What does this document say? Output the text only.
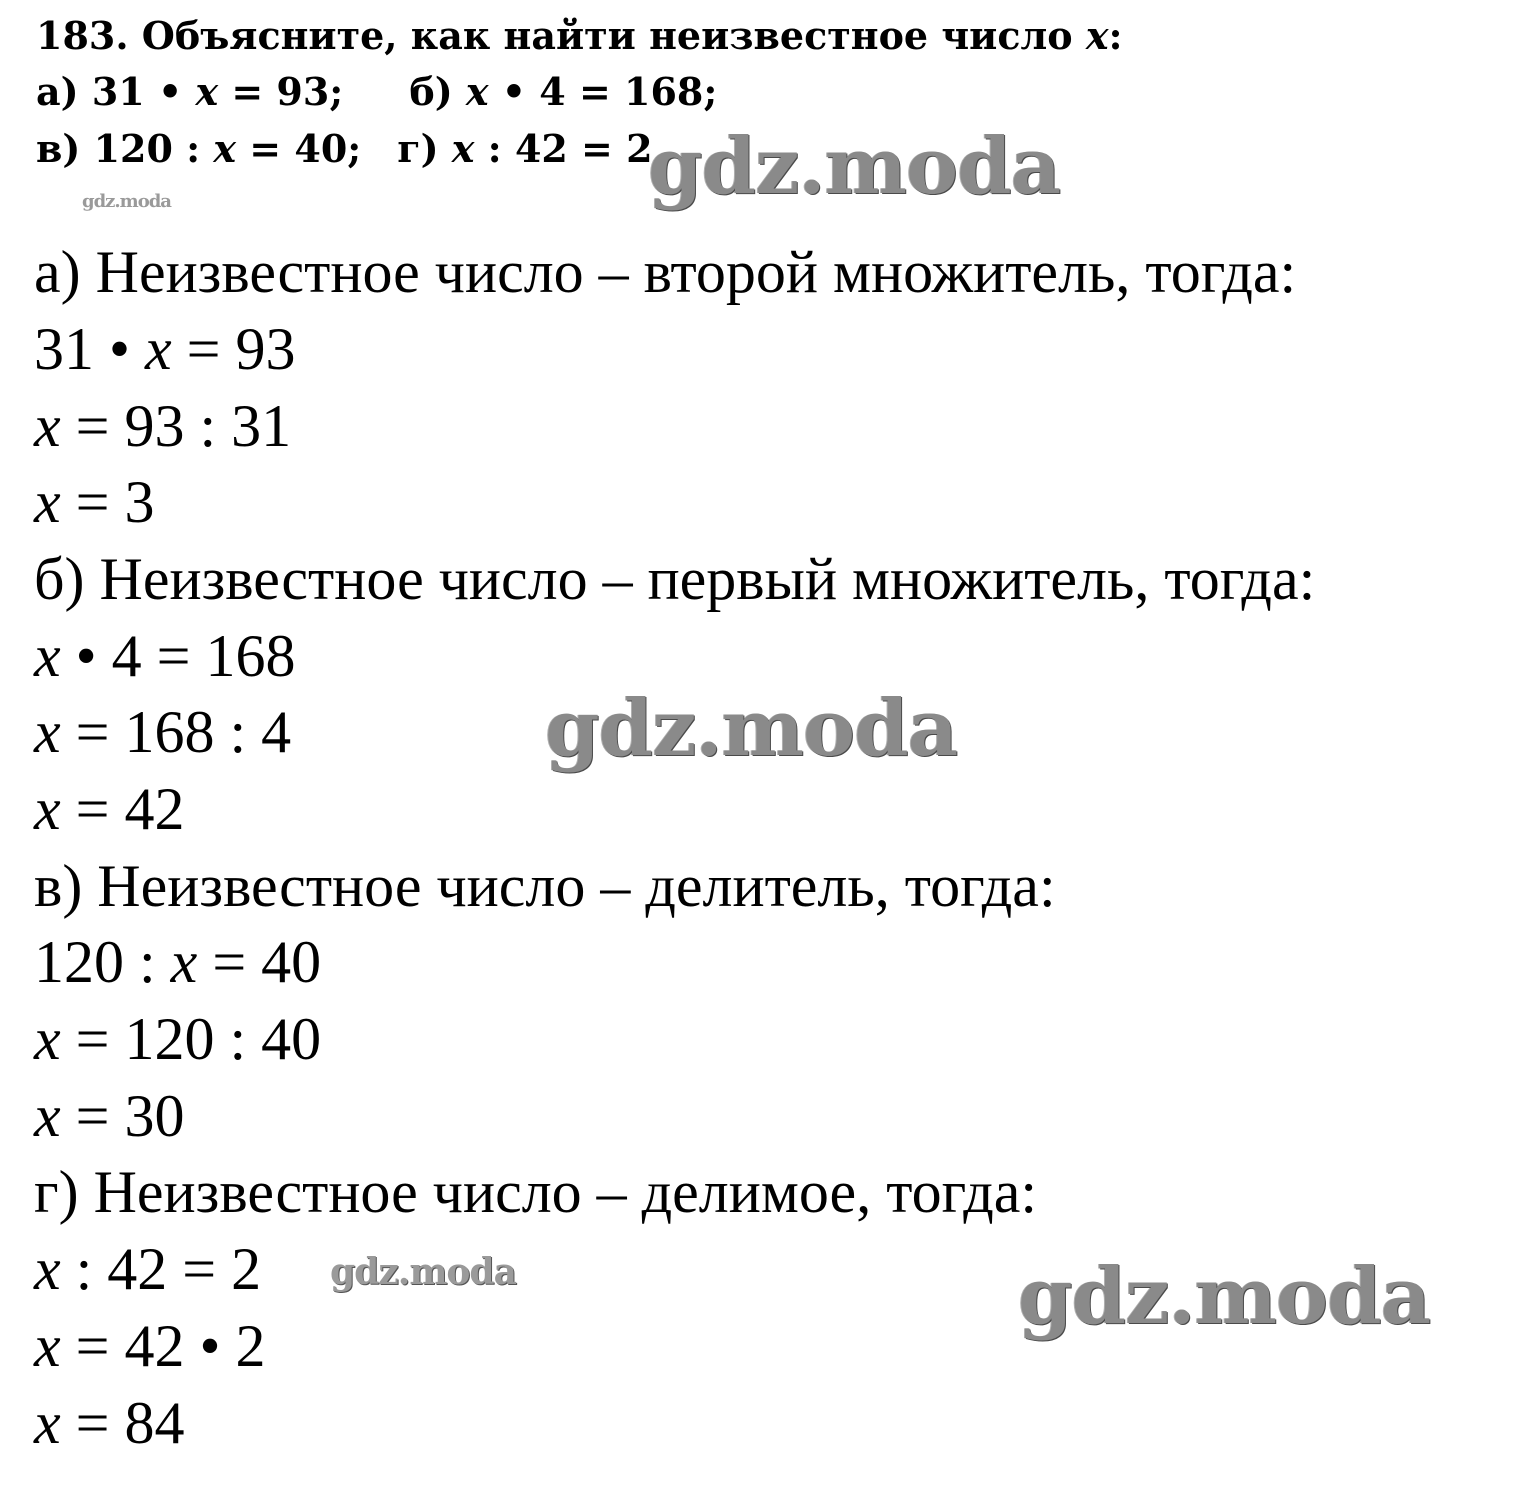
183. Объясните, как найти неизвестное число x:
а) 31 • x = 93; б) x • 4 = 168;
в) 120 : x = 40; г) x : 42 = 2.
а) Неизвестное число – второй множитель, тогда:
31 • x = 93
x = 93 : 31
x = 3
б) Неизвестное число – первый множитель, тогда:
x • 4 = 168
x = 168 : 4
x = 42
в) Неизвестное число – делитель, тогда:
120 : x = 40
x = 120 : 40
x = 30
г) Неизвестное число – делимое, тогда:
x : 42 = 2
x = 42 • 2
x = 84
gdz.moda
gdz.moda
gdz.moda
gdz.moda	gdz.moda
